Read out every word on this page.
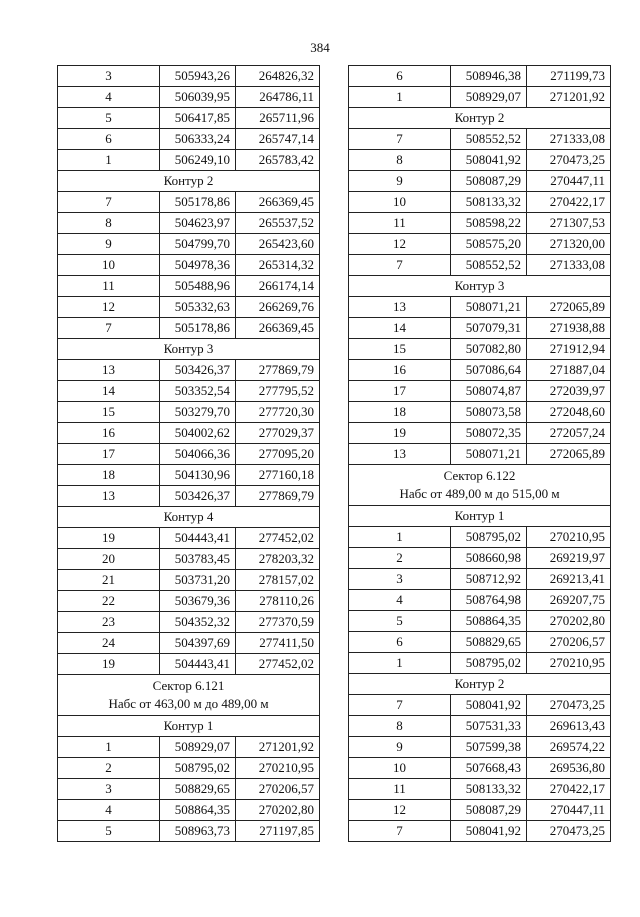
384
3	505943,26	264826,32
4	506039,95	264786,11
5	506417,85	265711,96
6	506333,24	265747,14
1	506249,10	265783,42
Контур 2		
7	505178,86	266369,45
8	504623,97	265537,52
9	504799,70	265423,60
10	504978,36	265314,32
11	505488,96	266174,14
12	505332,63	266269,76
7	505178,86	266369,45
Контур 3		
13	503426,37	277869,79
14	503352,54	277795,52
15	503279,70	277720,30
16	504002,62	277029,37
17	504066,36	277095,20
18	504130,96	277160,18
13	503426,37	277869,79
Контур 4		
19	504443,41	277452,02
20	503783,45	278203,32
21	503731,20	278157,02
22	503679,36	278110,26
23	504352,32	277370,59
24	504397,69	277411,50
19	504443,41	277452,02
Сектор 6.121
Набс от 463,00 м до 489,00 м		
Контур 1		
1	508929,07	271201,92
2	508795,02	270210,95
3	508829,65	270206,57
4	508864,35	270202,80
5	508963,73	271197,85
6	508946,38	271199,73
1	508929,07	271201,92
Контур 2		
7	508552,52	271333,08
8	508041,92	270473,25
9	508087,29	270447,11
10	508133,32	270422,17
11	508598,22	271307,53
12	508575,20	271320,00
7	508552,52	271333,08
Контур 3		
13	508071,21	272065,89
14	507079,31	271938,88
15	507082,80	271912,94
16	507086,64	271887,04
17	508074,87	272039,97
18	508073,58	272048,60
19	508072,35	272057,24
13	508071,21	272065,89
Сектор 6.122
Набс от 489,00 м до 515,00 м		
Контур 1		
1	508795,02	270210,95
2	508660,98	269219,97
3	508712,92	269213,41
4	508764,98	269207,75
5	508864,35	270202,80
6	508829,65	270206,57
1	508795,02	270210,95
Контур 2		
7	508041,92	270473,25
8	507531,33	269613,43
9	507599,38	269574,22
10	507668,43	269536,80
11	508133,32	270422,17
12	508087,29	270447,11
7	508041,92	270473,25
